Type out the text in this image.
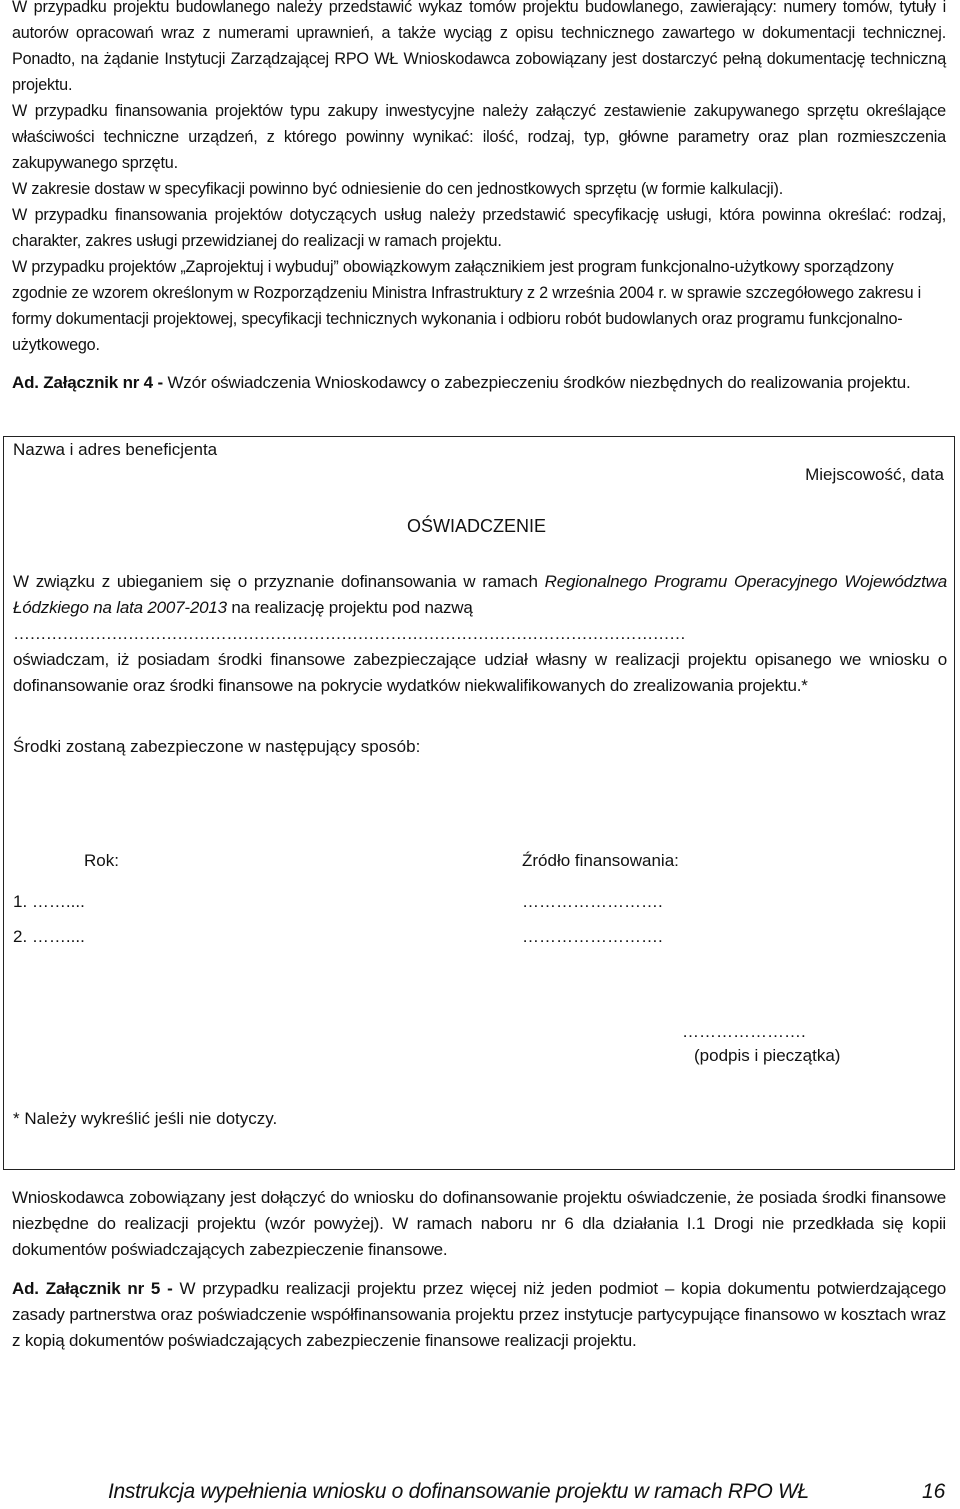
W przypadku projektu budowlanego należy przedstawić wykaz tomów projektu budowlanego, zawierający: numery tomów, tytuły i autorów opracowań wraz z numerami uprawnień, a także wyciąg z opisu technicznego zawartego w dokumentacji technicznej. Ponadto, na żądanie Instytucji Zarządzającej RPO WŁ Wnioskodawca zobowiązany jest dostarczyć pełną dokumentację techniczną projektu.

W przypadku finansowania projektów typu zakupy inwestycyjne należy załączyć zestawienie zakupywanego sprzętu określające właściwości techniczne urządzeń, z którego powinny wynikać: ilość, rodzaj, typ, główne parametry oraz plan rozmieszczenia zakupywanego sprzętu.

W zakresie dostaw w specyfikacji powinno być odniesienie do cen jednostkowych sprzętu (w formie kalkulacji).

W przypadku finansowania projektów dotyczących usług należy przedstawić specyfikację usługi, która powinna określać: rodzaj, charakter, zakres usługi przewidzianej do realizacji w ramach projektu.

W przypadku projektów „Zaprojektuj i wybuduj” obowiązkowym załącznikiem jest program funkcjonalno-użytkowy sporządzony zgodnie ze wzorem określonym w Rozporządzeniu Ministra Infrastruktury z 2 września 2004 r. w sprawie szczegółowego zakresu i formy dokumentacji projektowej, specyfikacji technicznych wykonania i odbioru robót budowlanych oraz programu funkcjonalno-użytkowego.

Ad. Załącznik nr 4 - Wzór oświadczenia Wnioskodawcy o zabezpieczeniu środków niezbędnych do realizowania projektu.

Nazwa i adres beneficjenta
Miejscowość, data
OŚWIADCZENIE

W związku z ubieganiem się o przyznanie dofinansowania w ramach Regionalnego Programu Operacyjnego Województwa Łódzkiego na lata 2007-2013 na realizację projektu pod nazwą

……………………………………………………………………………………………………………

oświadczam, iż posiadam środki finansowe zabezpieczające udział własny w realizacji projektu opisanego we wniosku o dofinansowanie oraz środki finansowe na pokrycie wydatków niekwalifikowanych do zrealizowania projektu.*

Środki zostaną zabezpieczone w następujący sposób:
Rok:	Źródło finansowania:
1. ……....	…………………….
2. ……....	…………………….
………………….
(podpis i pieczątka)
* Należy wykreślić jeśli nie dotyczy.

Wnioskodawca zobowiązany jest dołączyć do wniosku do dofinansowanie projektu oświadczenie, że posiada środki finansowe niezbędne do realizacji projektu (wzór powyżej). W ramach naboru nr 6 dla działania I.1 Drogi nie przedkłada się kopii dokumentów poświadczających zabezpieczenie finansowe.

Ad. Załącznik nr 5 - W przypadku realizacji projektu przez więcej niż jeden podmiot – kopia dokumentu potwierdzającego zasady partnerstwa oraz poświadczenie współfinansowania projektu przez instytucje partycypujące finansowo w kosztach wraz z kopią dokumentów poświadczających zabezpieczenie finansowe realizacji projektu.

Instrukcja wypełnienia wniosku o dofinansowanie projektu w ramach RPO WŁ	16
